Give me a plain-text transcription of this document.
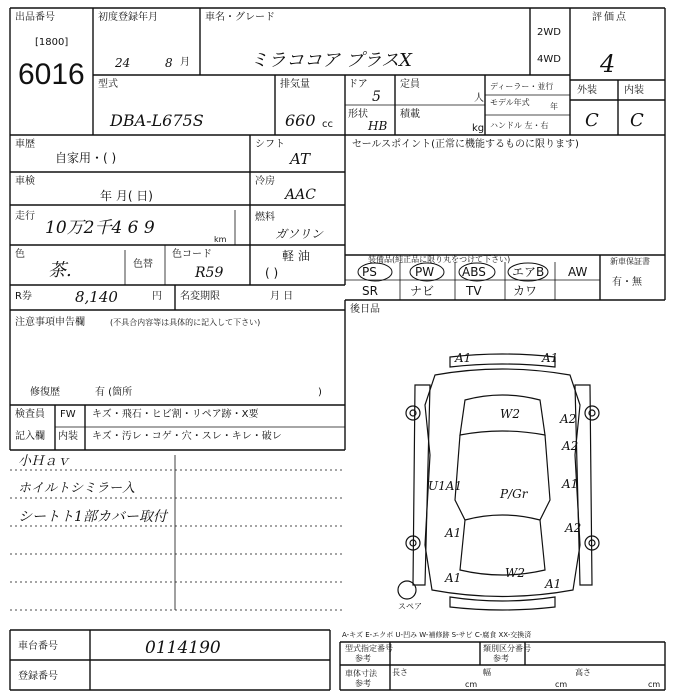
出品番号
[1800]
6016
初度登録年月
24	8 月
車名・グレード
ミラココア プラスX
2WD
4WD
評価点
4
型式
DBA-L675S
排気量
660 cc
ドア
5
形状
HB
定員
人
積載
kg
ディーラー・並行
モデル年式	年
ハンドル 左・右
外装	内装
C C
車歴
自家用・( )
シフト
AT
車検
年 月( 日)
冷房
AAC
走行
10万2千4 6 9
km
燃料
ガソリン
軽 油
( )
色
茶.	色替
色コード
R59
R券	8,140	円 名変期限	月 日
注意事項申告欄	(不具合内容等は具体的に記入して下さい)
修復歴	有 (箇所	)
検査員
記入欄
FW キズ・飛石・ヒビ割・リペア跡・X要
内装 キズ・汚レ・コゲ・穴・スレ・キレ・破レ
小Ｈａｖ
ホイルトシミラー入
シートト1部カバー取付
セールスポイント(正常に機能するものに限ります)
装備品(純正品に限り丸をつけて下さい)	新車保証書
有・無
PS	PW ABS エアB AW
SR	ナビ	TV	カワ
後日品
A1	A1
A2
W2
A2
A1
U1A1
P/Gr
A1	A2
W2
A1	A1
スペア
A-キズ E-エクボ U-凹み W-補修跡 S-サビ C-腐食 XX-交換済
車台番号	0114190
登録番号
型式指定番号
参考
類別区分番号
参考
車体寸法
参考
長さ
cm
幅
cm
高さ
cm
